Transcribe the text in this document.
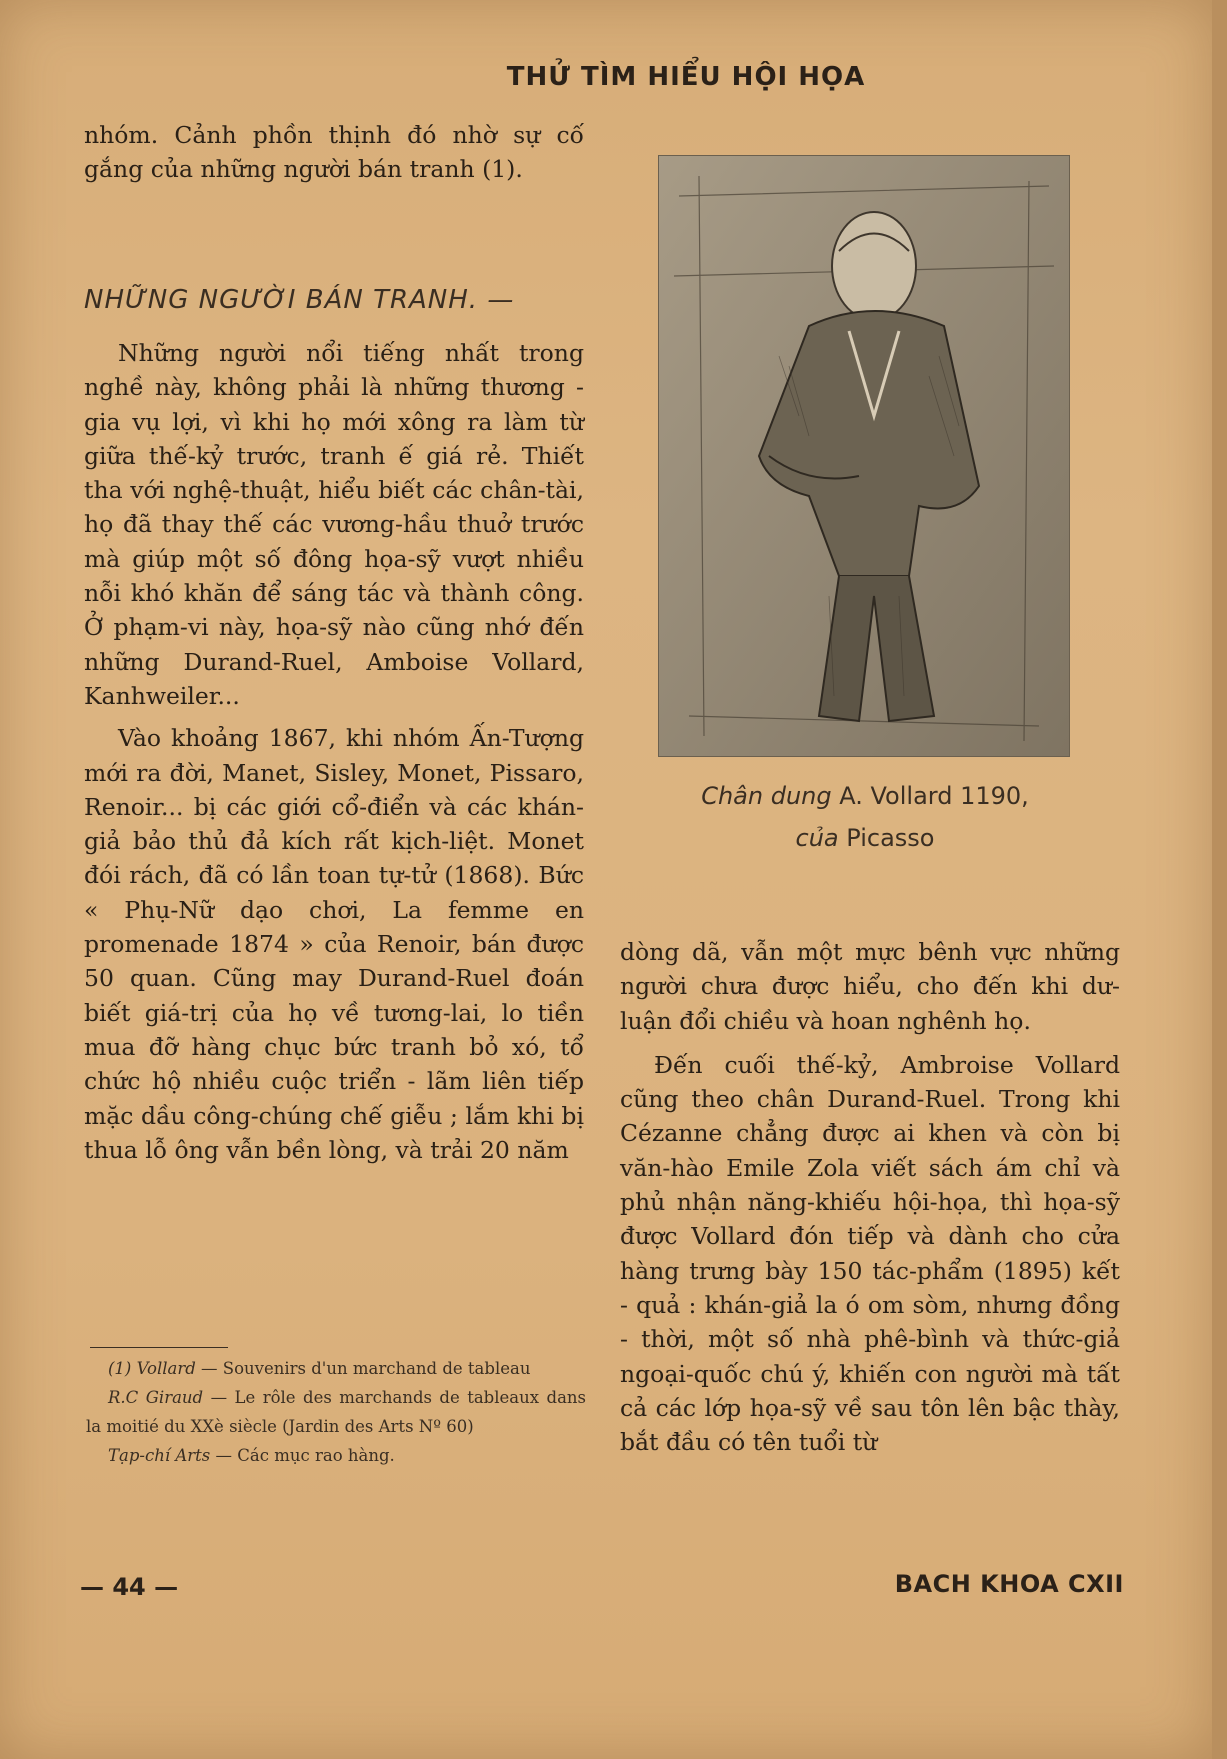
THỬ TÌM HIỂU HỘI HỌA

nhóm. Cảnh phồn thịnh đó nhờ sự cố gắng của những người bán tranh (1).

NHỮNG NGƯỜI BÁN TRANH. —

Những người nổi tiếng nhất trong nghề này, không phải là những thương - gia vụ lợi, vì khi họ mới xông ra làm từ giữa thế-kỷ trước, tranh ế giá rẻ. Thiết tha với nghệ-thuật, hiểu biết các chân-tài, họ đã thay thế các vương-hầu thuở trước mà giúp một số đông họa-sỹ vượt nhiều nỗi khó khăn để sáng tác và thành công. Ở phạm-vi này, họa-sỹ nào cũng nhớ đến những Durand-Ruel, Amboise Vollard, Kanhweiler...

Vào khoảng 1867, khi nhóm Ấn-Tượng mới ra đời, Manet, Sisley, Monet, Pissaro, Renoir... bị các giới cổ-điển và các khán-giả bảo thủ đả kích rất kịch-liệt. Monet đói rách, đã có lần toan tự-tử (1868). Bức « Phụ-Nữ dạo chơi, La femme en promenade 1874 » của Renoir, bán được 50 quan. Cũng may Durand-Ruel đoán biết giá-trị của họ về tương-lai, lo tiền mua đỡ hàng chục bức tranh bỏ xó, tổ chức hộ nhiều cuộc triển - lãm liên tiếp mặc dầu công-chúng chế giễu ; lắm khi bị thua lỗ ông vẫn bền lòng, và trải 20 năm

Chân dung A. Vollard 1190,
của Picasso

dòng dã, vẫn một mực bênh vực những người chưa được hiểu, cho đến khi dư-luận đổi chiều và hoan nghênh họ.

Đến cuối thế-kỷ, Ambroise Vollard cũng theo chân Durand-Ruel. Trong khi Cézanne chẳng được ai khen và còn bị văn-hào Emile Zola viết sách ám chỉ và phủ nhận năng-khiếu hội-họa, thì họa-sỹ được Vollard đón tiếp và dành cho cửa hàng trưng bày 150 tác-phẩm (1895) kết - quả : khán-giả la ó om sòm, nhưng đồng - thời, một số nhà phê-bình và thức-giả ngoại-quốc chú ý, khiến con người mà tất cả các lớp họa-sỹ về sau tôn lên bậc thày, bắt đầu có tên tuổi từ

(1) Vollard — Souvenirs d'un marchand de tableau

R.C Giraud — Le rôle des marchands de tableaux dans la moitié du XXè siècle (Jardin des Arts Nº 60)

Tạp-chí Arts — Các mục rao hàng.

— 44 —	BACH KHOA CXII
